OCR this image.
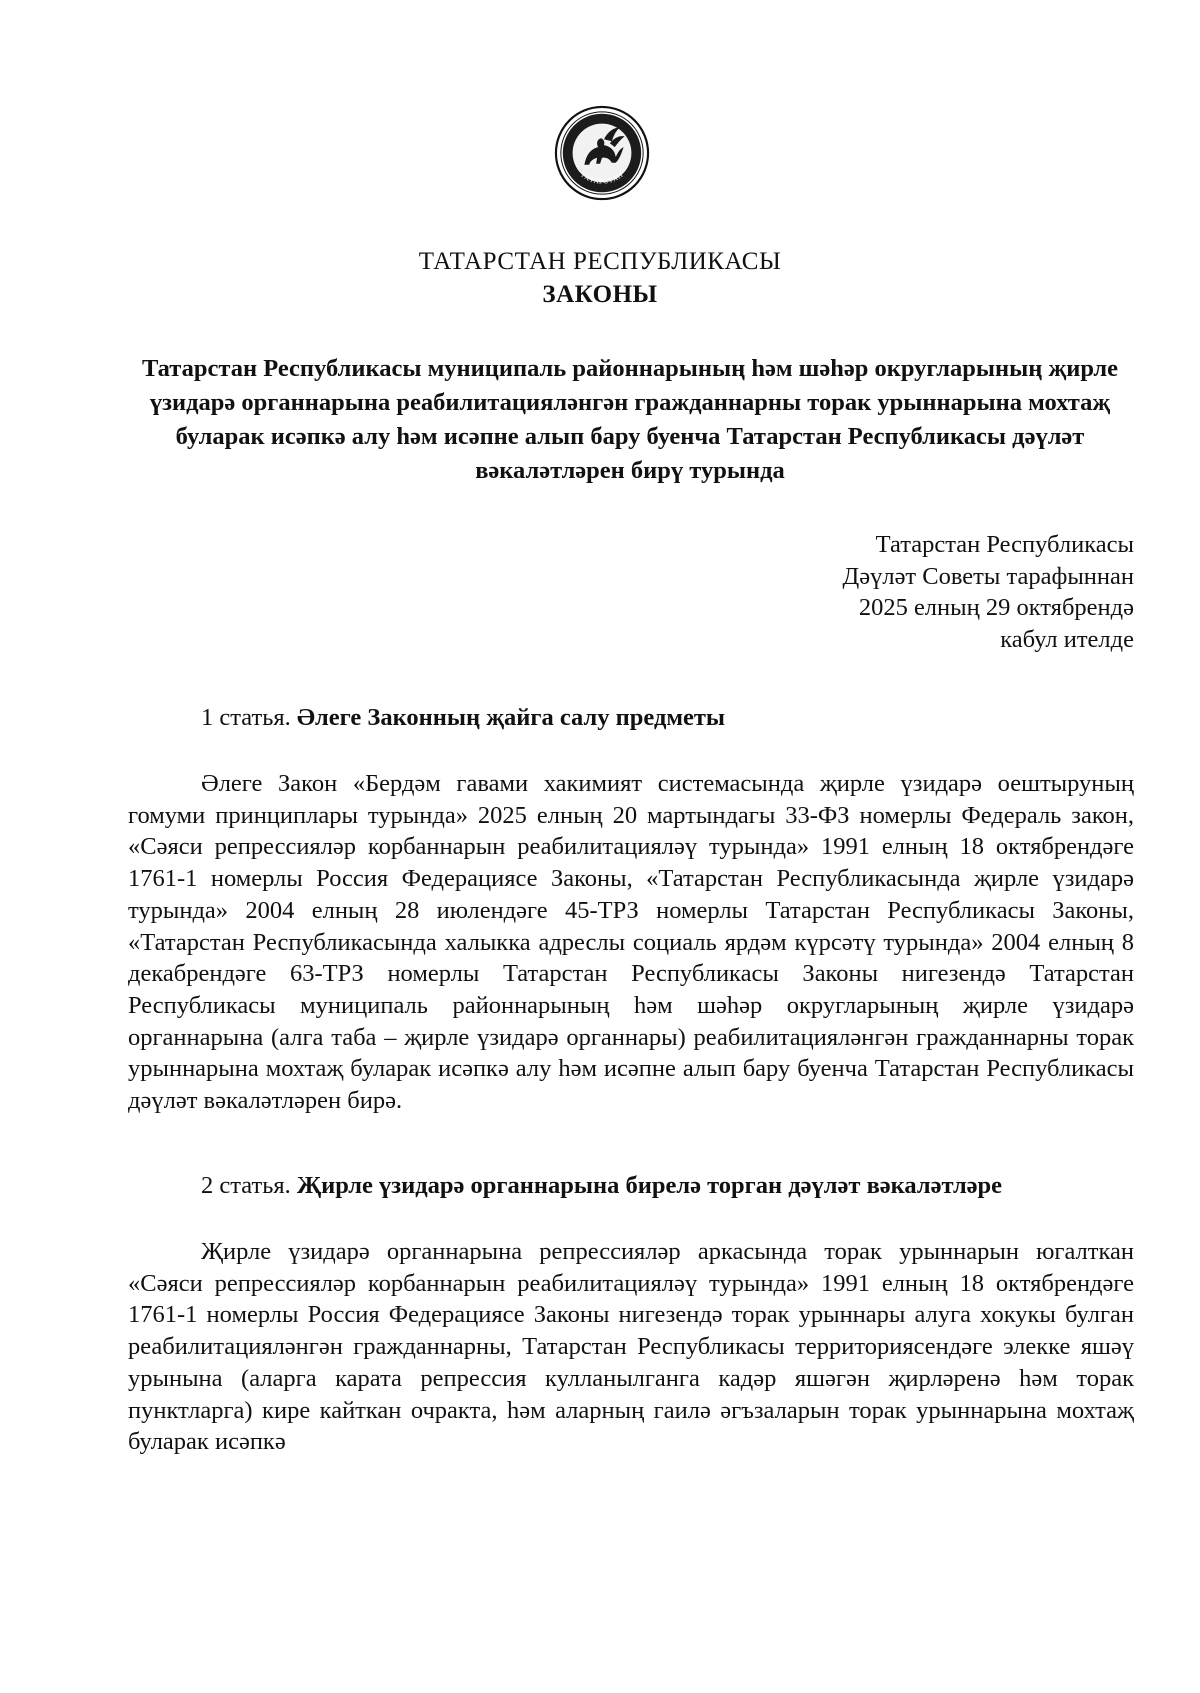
ТАТАРСТАН
ТАТАРСТАН РЕСПУБЛИКАСЫ
ЗАКОНЫ
Татарстан Республикасы муниципаль районнарының һәм шәһәр округларының җирле үзидарә органнарына реабилитацияләнгән гражданнарны торак урыннарына мохтаҗ буларак исәпкә алу һәм исәпне алып бару буенча Татарстан Республикасы дәүләт вәкаләтләрен бирү турында
Татарстан Республикасы
Дәүләт Советы тарафыннан
2025 елның 29 октябрендә
кабул ителде
1 статья. Әлеге Законның җайга салу предметы

Әлеге Закон «Бердәм гавами хакимият системасында җирле үзидарә оештыруның гомуми принциплары турында» 2025 елның 20 мартындагы 33-ФЗ номерлы Федераль закон, «Сәяси репрессияләр корбаннарын реабилитацияләү турында» 1991 елның 18 октябрендәге 1761-1 номерлы Россия Федерациясе Законы, «Татарстан Республикасында җирле үзидарә турында» 2004 елның 28 июлендәге 45-ТРЗ номерлы Татарстан Республикасы Законы, «Татарстан Республикасында халыкка адреслы социаль ярдәм күрсәтү турында» 2004 елның 8 декабрендәге 63-ТРЗ номерлы Татарстан Республикасы Законы нигезендә Татарстан Республикасы муниципаль районнарының һәм шәһәр округларының җирле үзидарә органнарына (алга таба – җирле үзидарә органнары) реабилитацияләнгән гражданнарны торак урыннарына мохтаҗ буларак исәпкә алу һәм исәпне алып бару буенча Татарстан Республикасы дәүләт вәкаләтләрен бирә.

2 статья. Җирле үзидарә органнарына бирелә торган дәүләт вәкаләтләре

Җирле үзидарә органнарына репрессияләр аркасында торак урыннарын югалткан «Сәяси репрессияләр корбаннарын реабилитацияләү турында» 1991 елның 18 октябрендәге 1761-1 номерлы Россия Федерациясе Законы нигезендә торак урыннары алуга хокукы булган реабилитацияләнгән гражданнарны, Татарстан Республикасы территориясендәге элекке яшәү урынына (аларга карата репрессия кулланылганга кадәр яшәгән җирләренә һәм торак пунктларга) кире кайткан очракта, һәм аларның гаилә әгъзаларын торак урыннарына мохтаҗ буларак исәпкә
